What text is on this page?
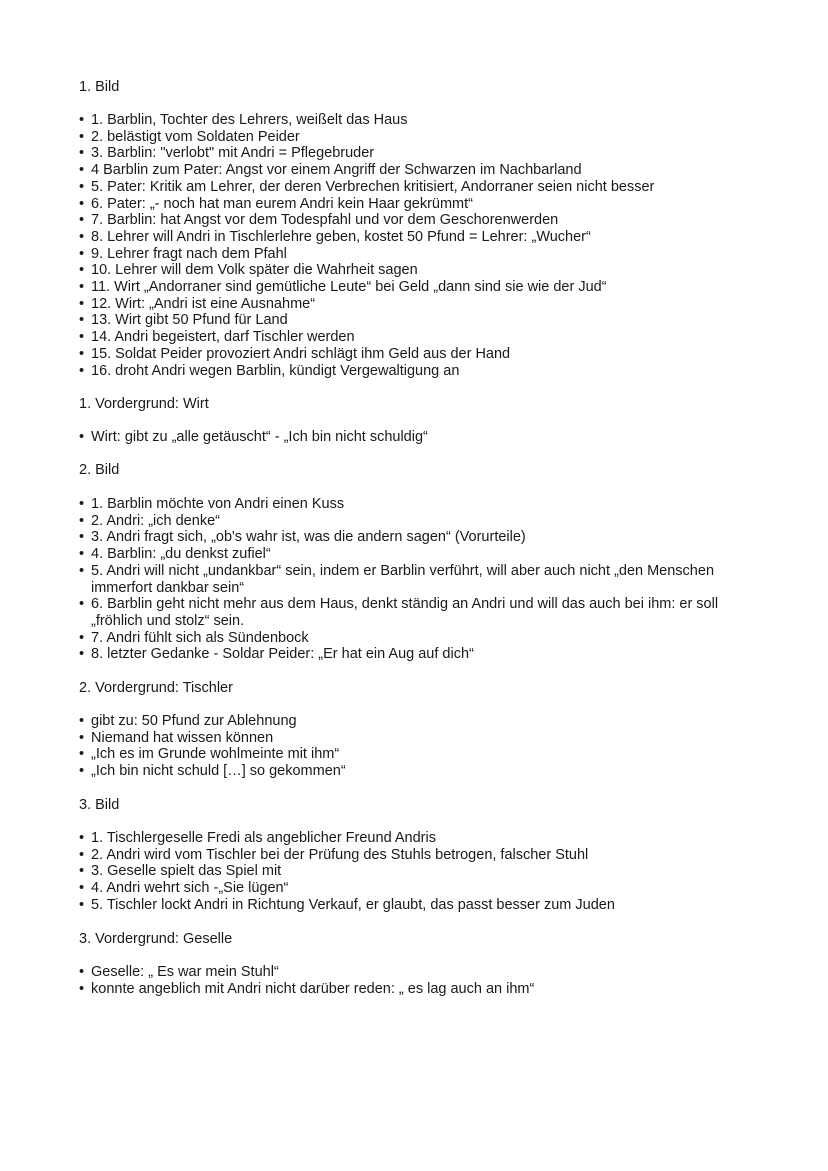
1. Bild
• 1. Barblin, Tochter des Lehrers, weißelt das Haus
• 2. belästigt vom Soldaten Peider
• 3. Barblin: "verlobt" mit Andri = Pflegebruder
• 4 Barblin zum Pater: Angst vor einem Angriff der Schwarzen im Nachbarland
• 5. Pater: Kritik am Lehrer, der deren Verbrechen kritisiert, Andorraner seien nicht besser
• 6. Pater: „- noch hat man eurem Andri kein Haar gekrümmt“
• 7. Barblin: hat Angst vor dem Todespfahl und vor dem Geschorenwerden
• 8. Lehrer will Andri in Tischlerlehre geben, kostet 50 Pfund = Lehrer: „Wucher“
• 9. Lehrer fragt nach dem Pfahl
• 10. Lehrer will dem Volk später die Wahrheit sagen
• 11. Wirt „Andorraner sind gemütliche Leute“ bei Geld „dann sind sie wie der Jud“
• 12. Wirt: „Andri ist eine Ausnahme“
• 13. Wirt gibt 50 Pfund für Land
• 14. Andri begeistert, darf Tischler werden
• 15. Soldat Peider provoziert Andri schlägt ihm Geld aus der Hand
• 16. droht Andri wegen Barblin, kündigt Vergewaltigung an
1. Vordergrund: Wirt
• Wirt: gibt zu „alle getäuscht“ - „Ich bin nicht schuldig“
2. Bild
• 1. Barblin möchte von Andri einen Kuss
• 2. Andri: „ich denke“
• 3. Andri fragt sich, „ob's wahr ist, was die andern sagen“ (Vorurteile)
• 4. Barblin: „du denkst zufiel“
• 5. Andri will nicht „undankbar“ sein, indem er Barblin verführt, will aber auch nicht „den Menschen immerfort dankbar sein“
• 6. Barblin geht nicht mehr aus dem Haus, denkt ständig an Andri und will das auch bei ihm: er soll „fröhlich und stolz“ sein.
• 7. Andri fühlt sich als Sündenbock
• 8. letzter Gedanke - Soldar Peider: „Er hat ein Aug auf dich“
2. Vordergrund: Tischler
• gibt zu: 50 Pfund zur Ablehnung
• Niemand hat wissen können
• „Ich es im Grunde wohlmeinte mit ihm“
• „Ich bin nicht schuld […] so gekommen“
3. Bild
• 1. Tischlergeselle Fredi als angeblicher Freund Andris
• 2. Andri wird vom Tischler bei der Prüfung des Stuhls betrogen, falscher Stuhl
• 3. Geselle spielt das Spiel mit
• 4. Andri wehrt sich -„Sie lügen“
• 5. Tischler lockt Andri in Richtung Verkauf, er glaubt, das passt besser zum Juden
3. Vordergrund: Geselle
• Geselle: „ Es war mein Stuhl“
• konnte angeblich mit Andri nicht darüber reden: „ es lag auch an ihm“
